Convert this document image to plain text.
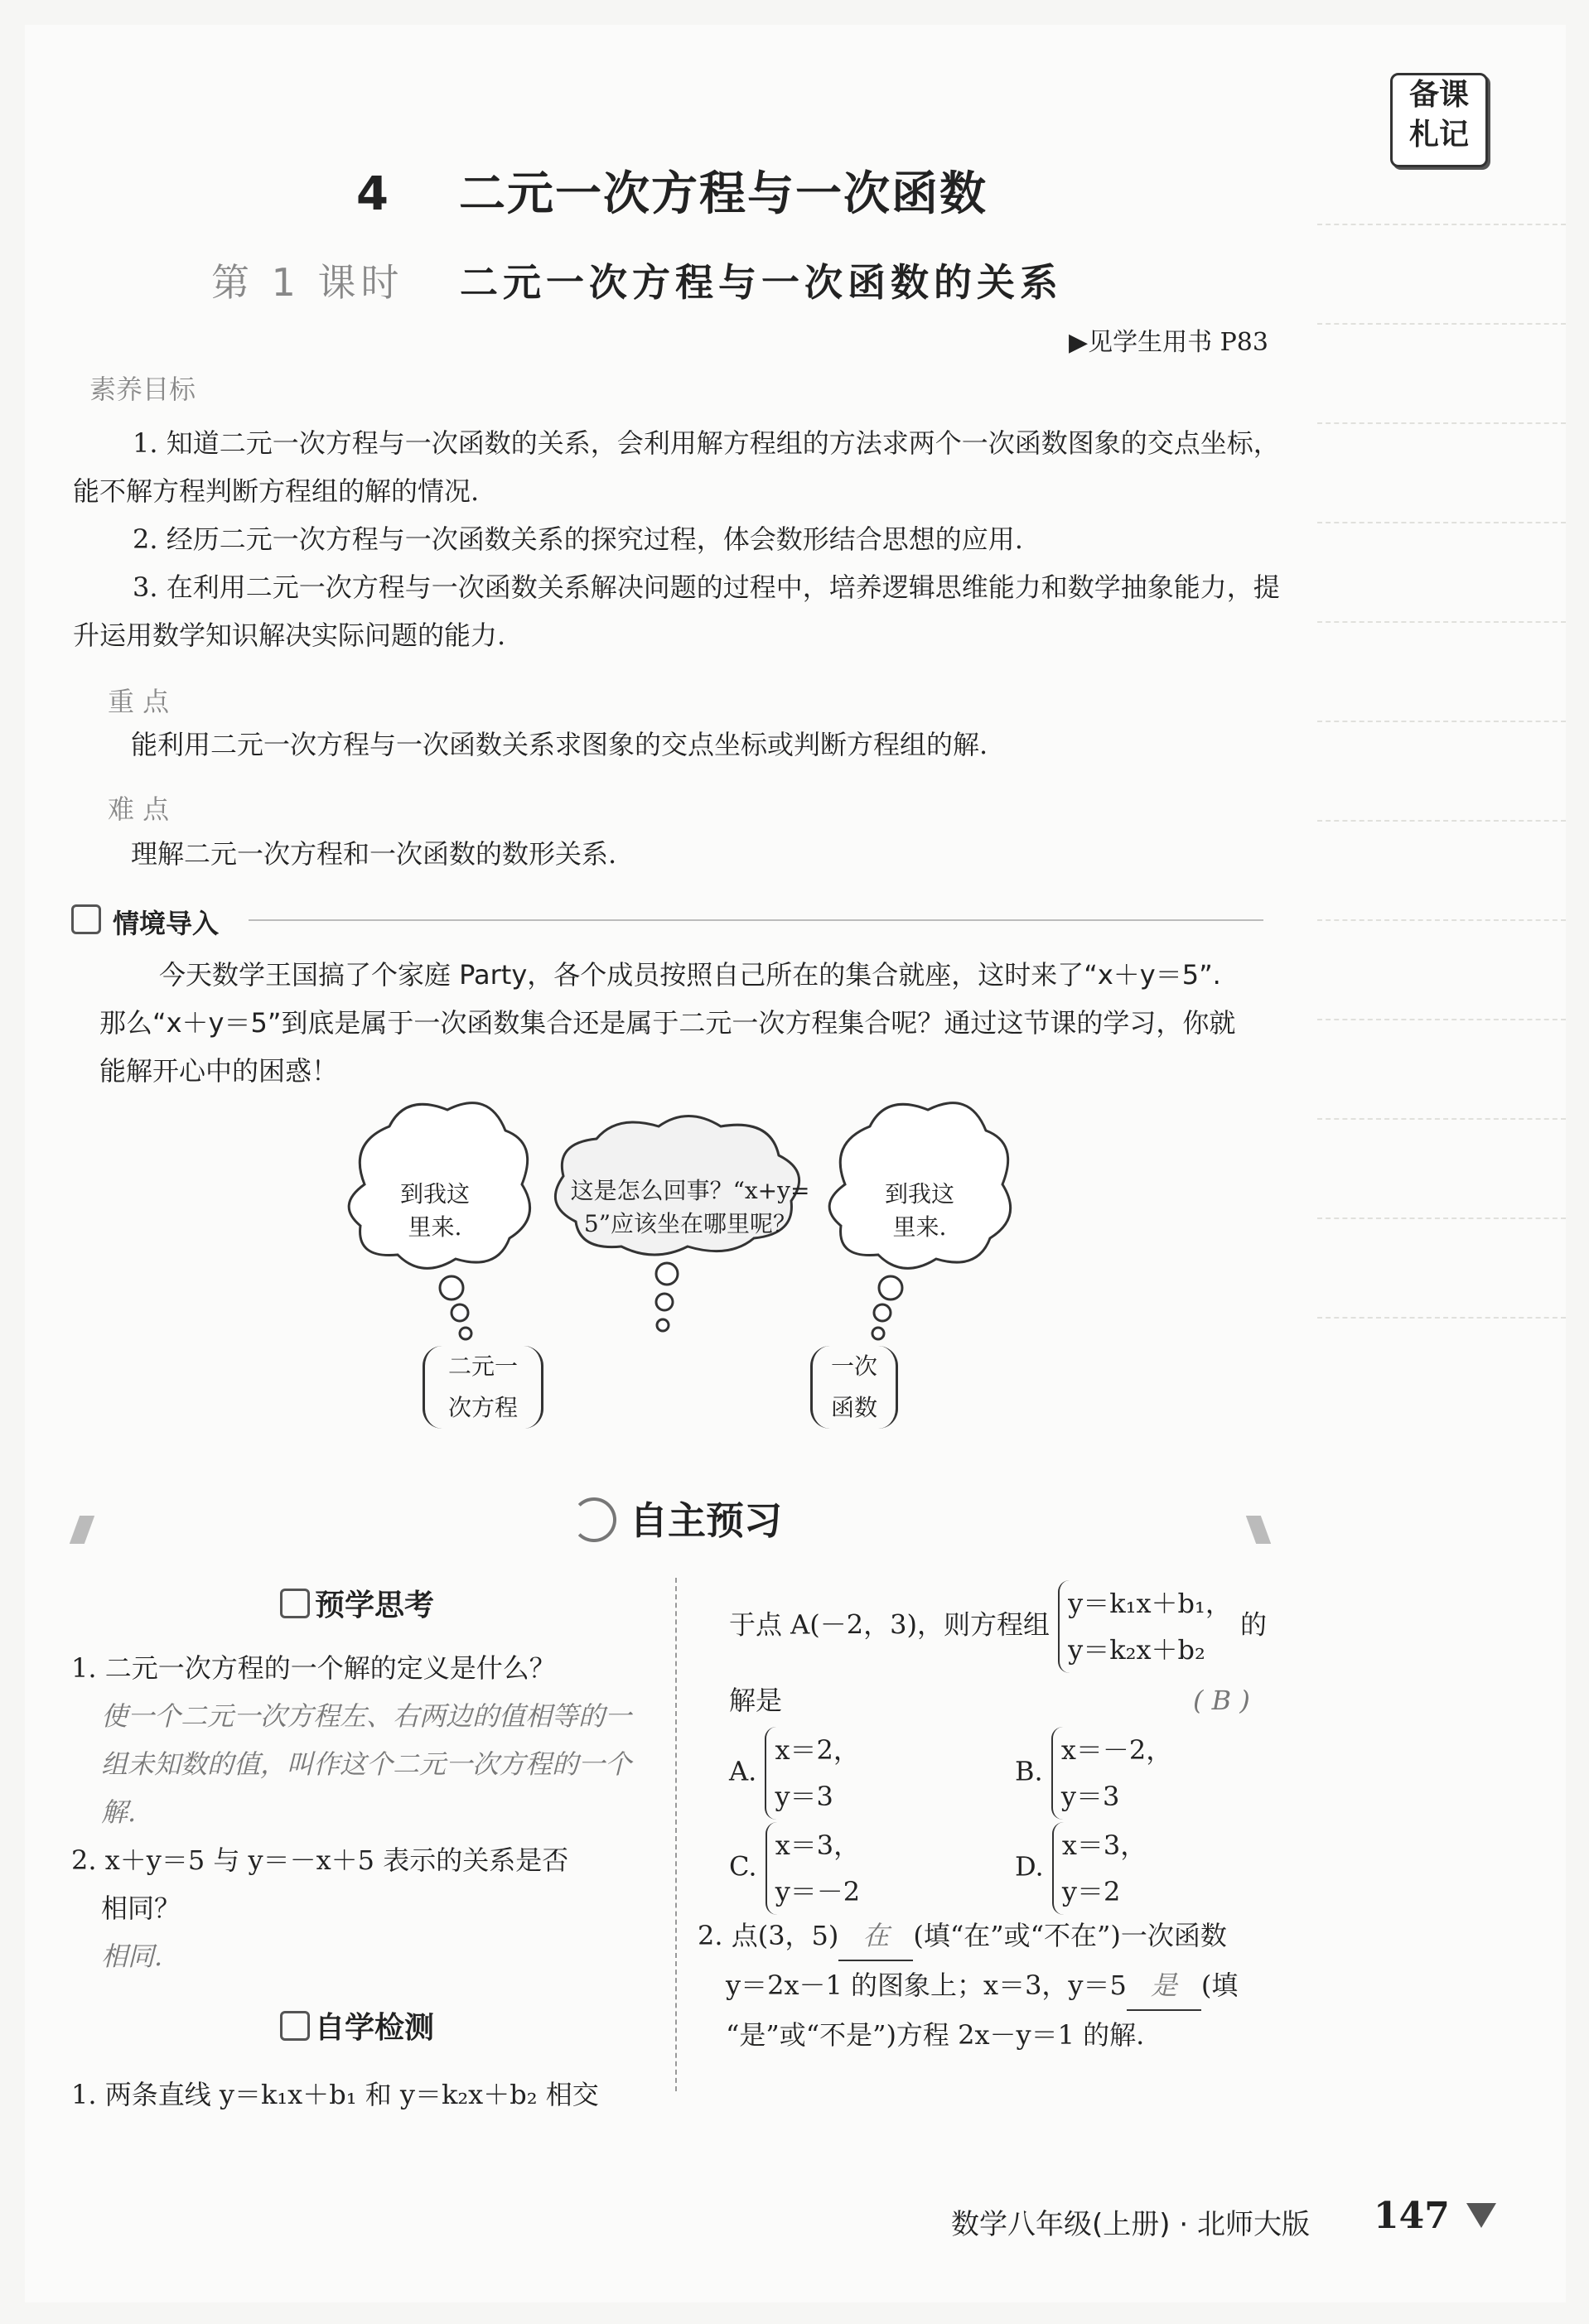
备课
札记
4 二元一次方程与一次函数
第 1 课时 二元一次方程与一次函数的关系
▶见学生用书 P83
素养目标

1. 知道二元一次方程与一次函数的关系，会利用解方程组的方法求两个一次函数图象的交点坐标，能不解方程判断方程组的解的情况.

2. 经历二元一次方程与一次函数关系的探究过程，体会数形结合思想的应用.

3. 在利用二元一次方程与一次函数关系解决问题的过程中，培养逻辑思维能力和数学抽象能力，提升运用数学知识解决实际问题的能力.

重 点
能利用二元一次方程与一次函数关系求图象的交点坐标或判断方程组的解.
难 点
理解二元一次方程和一次函数的数形关系.
情境导入

今天数学王国搞了个家庭 Party，各个成员按照自己所在的集合就座，这时来了“x＋y＝5”. 那么“x＋y＝5”到底是属于一次函数集合还是属于二元一次方程集合呢？通过这节课的学习，你就能解开心中的困惑！

到我这
里来.
这是怎么回事？“x+y=
5”应该坐在哪里呢？
到我这
里来.
二元一
次方程
一次
函数
自主预习
预学思考
1. 二元一次方程的一个解的定义是什么？
使一个二元一次方程左、右两边的值相等的一组未知数的值，叫作这个二元一次方程的一个解.
2. x＋y＝5 与 y＝－x＋5 表示的关系是否
相同？
相同.
自学检测
1. 两条直线 y＝k₁x＋b₁ 和 y＝k₂x＋b₂ 相交
于点 A(－2，3)，则方程组
y＝k₁x＋b₁，
y＝k₂x＋b₂
的
解是	( B )
A.
x＝2，
y＝3
B.
x＝－2，
y＝3
C.
x＝3，
y＝－2
D.
x＝3，
y＝2
2. 点(3，5) 在 (填“在”或“不在”)一次函数
y＝2x－1 的图象上；x＝3，y＝5 是 (填
“是”或“不是”)方程 2x－y＝1 的解.
数学八年级(上册) · 北师大版 147
